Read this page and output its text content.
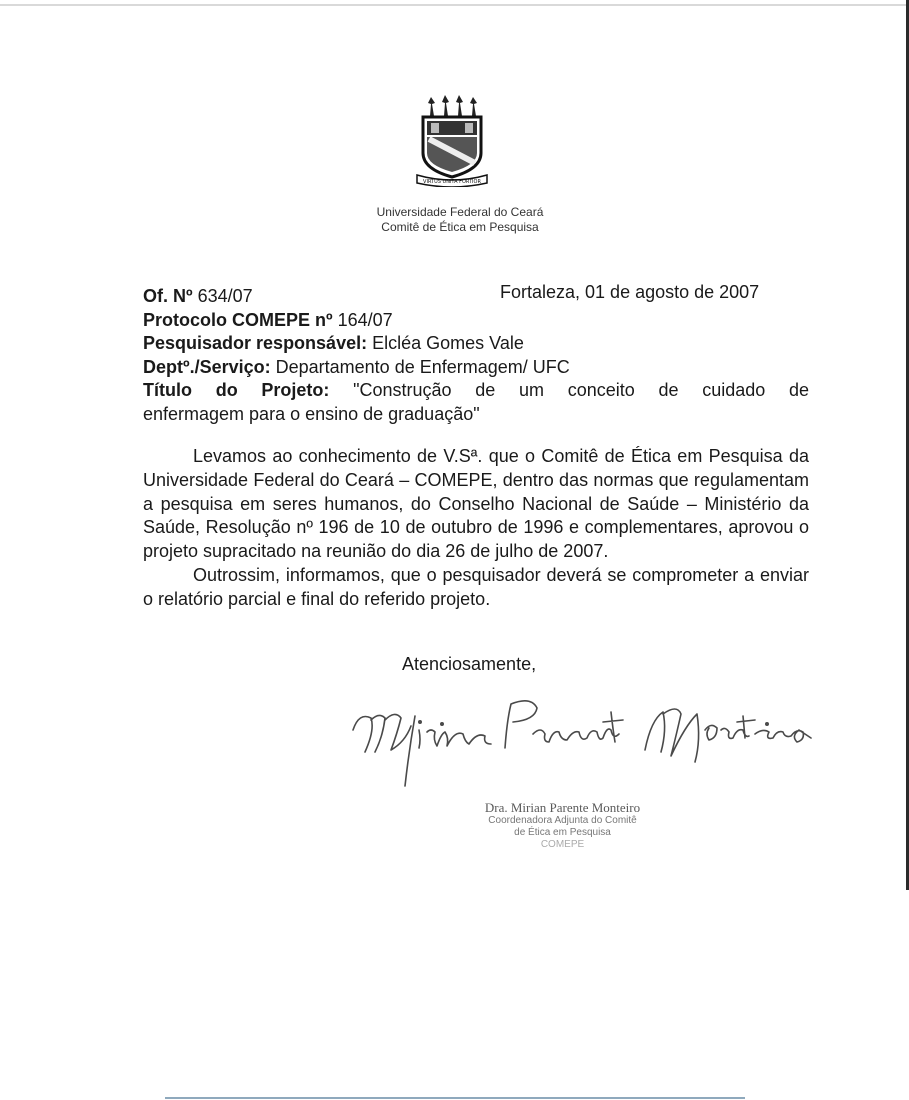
VIRTUS UNITA FORTIOR
Universidade Federal do Ceará
Comitê de Ética em Pesquisa
Fortaleza, 01 de agosto de 2007
Of. Nº 634/07
Protocolo COMEPE nº 164/07
Pesquisador responsável: Elcléa Gomes Vale
Deptº./Serviço: Departamento de Enfermagem/ UFC
Título do Projeto: "Construção de um conceito de cuidado de
enfermagem para o ensino de graduação"

Levamos ao conhecimento de V.Sª. que o Comitê de Ética em Pesquisa da Universidade Federal do Ceará – COMEPE, dentro das normas que regulamentam a pesquisa em seres humanos, do Conselho Nacional de Saúde – Ministério da Saúde, Resolução nº 196 de 10 de outubro de 1996 e complementares, aprovou o projeto supracitado na reunião do dia 26 de julho de 2007.

Outrossim, informamos, que o pesquisador deverá se comprometer a enviar o relatório parcial e final do referido projeto.

Atenciosamente,
Dra. Mirian Parente Monteiro
Coordenadora Adjunta do Comitê
de Ética em Pesquisa
COMEPE
